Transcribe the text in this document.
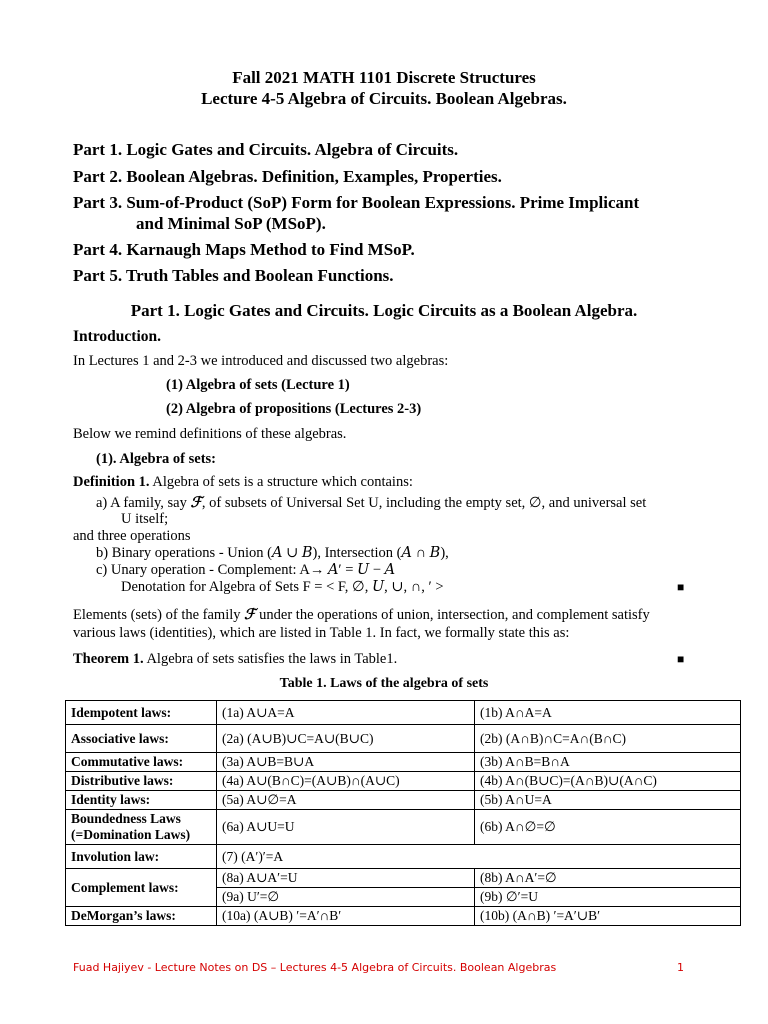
Fall 2021 MATH 1101 Discrete Structures
Lecture 4-5 Algebra of Circuits. Boolean Algebras.
Part 1. Logic Gates and Circuits. Algebra of Circuits.
Part 2. Boolean Algebras. Definition, Examples, Properties.
Part 3. Sum-of-Product (SoP) Form for Boolean Expressions. Prime Implicant
and Minimal SoP (MSoP).
Part 4. Karnaugh Maps Method to Find MSoP.
Part 5. Truth Tables and Boolean Functions.
Part 1. Logic Gates and Circuits. Logic Circuits as a Boolean Algebra.
Introduction.
In Lectures 1 and 2-3 we introduced and discussed two algebras:
(1) Algebra of sets (Lecture 1)
(2) Algebra of propositions (Lectures 2-3)
Below we remind definitions of these algebras.
(1). Algebra of sets:
Definition 1. Algebra of sets is a structure which contains:
a) A family, say ℱ, of subsets of Universal Set U, including the empty set, ∅, and universal set
U itself;
and three operations
b) Binary operations - Union (𝐴 ∪ 𝐵), Intersection (𝐴 ∩ 𝐵),
c) Unary operation - Complement: A→ 𝐴′ = 𝑈 − 𝐴
Denotation for Algebra of Sets F = < F, ∅, 𝑈, ∪, ∩, ′ >	■
Elements (sets) of the family ℱ under the operations of union, intersection, and complement satisfy
various laws (identities), which are listed in Table 1. In fact, we formally state this as:
Theorem 1. Algebra of sets satisfies the laws in Table1.	■
Table 1. Laws of the algebra of sets
Idempotent laws:	(1a) A∪A=A	(1b) A∩A=A
Associative laws:	(2a) (A∪B)∪C=A∪(B∪C)	(2b) (A∩B)∩C=A∩(B∩C)
Commutative laws:	(3a) A∪B=B∪A	(3b) A∩B=B∩A
Distributive laws:	(4a) A∪(B∩C)=(A∪B)∩(A∪C)	(4b) A∩(B∪C)=(A∩B)∪(A∩C)
Identity laws:	(5a) A∪∅=A	(5b) A∩U=A

Boundedness Laws
(=Domination Laws)	(6a) A∪U=U	(6b) A∩∅=∅
Involution law:	(7) (A′)′=A	
Complement laws:	(8a) A∪A′=U	(8b) A∩A′=∅
	(9a) U′=∅	(9b) ∅′=U
DeMorgan’s laws:	(10a) (A∪B) ′=A′∩B′	(10b) (A∩B) ′=A′∪B′
Fuad Hajiyev - Lecture Notes on DS – Lectures 4-5 Algebra of Circuits. Boolean Algebras	1
